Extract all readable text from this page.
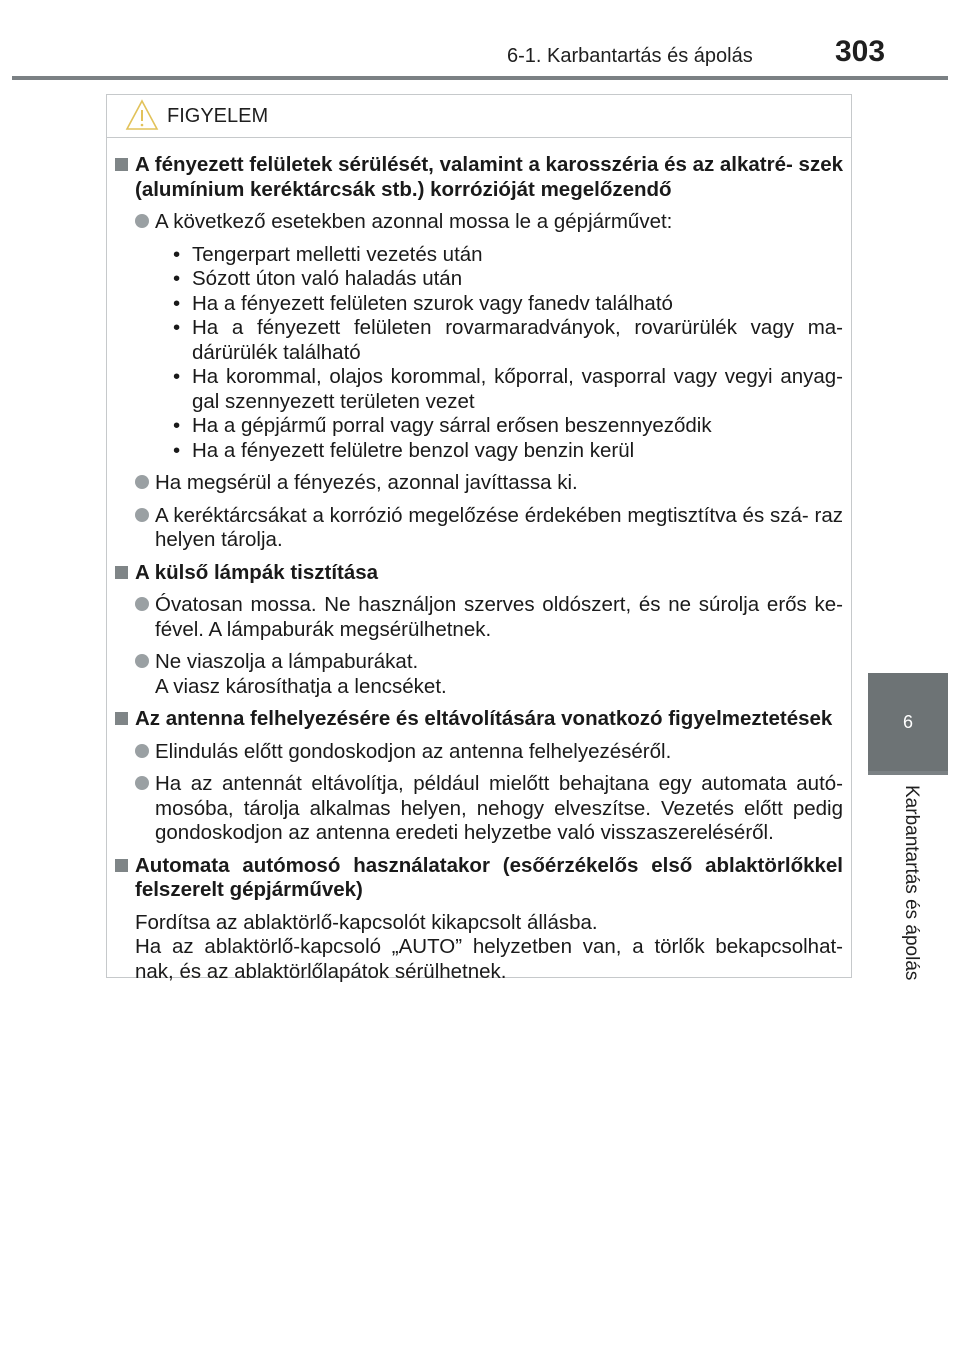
6-1. Karbantartás és ápolás	303
6
Karbantartás és ápolás
FIGYELEM
A fényezett felületek sérülését, valamint a karosszéria és az alkatré- szek (alumínium keréktárcsák stb.) korrózióját megelőzendő
A következő esetekben azonnal mossa le a gépjárművet:
• Tengerpart melletti vezetés után
• Sózott úton való haladás után
• Ha a fényezett felületen szurok vagy fanedv található
• Ha a fényezett felületen rovarmaradványok, rovarürülék vagy ma- dárürülék található
• Ha korommal, olajos korommal, kőporral, vasporral vagy vegyi anyag- gal szennyezett területen vezet
• Ha a gépjármű porral vagy sárral erősen beszennyeződik
• Ha a fényezett felületre benzol vagy benzin kerül
Ha megsérül a fényezés, azonnal javíttassa ki.
A keréktárcsákat a korrózió megelőzése érdekében megtisztítva és szá- raz helyen tárolja.
A külső lámpák tisztítása
Óvatosan mossa. Ne használjon szerves oldószert, és ne súrolja erős ke- fével. A lámpaburák megsérülhetnek.
Ne viaszolja a lámpaburákat.
A viasz károsíthatja a lencséket.
Az antenna felhelyezésére és eltávolítására vonatkozó figyelmeztetések
Elindulás előtt gondoskodjon az antenna felhelyezéséről.
Ha az antennát eltávolítja, például mielőtt behajtana egy automata autó- mosóba, tárolja alkalmas helyen, nehogy elveszítse. Vezetés előtt pedig gondoskodjon az antenna eredeti helyzetbe való visszaszereléséről.
Automata autómosó használatakor (esőérzékelős első ablaktörlőkkel felszerelt gépjárművek)
Fordítsa az ablaktörlő-kapcsolót kikapcsolt állásba.
Ha az ablaktörlő-kapcsoló „AUTO” helyzetben van, a törlők bekapcsolhat- nak, és az ablaktörlőlapátok sérülhetnek.
